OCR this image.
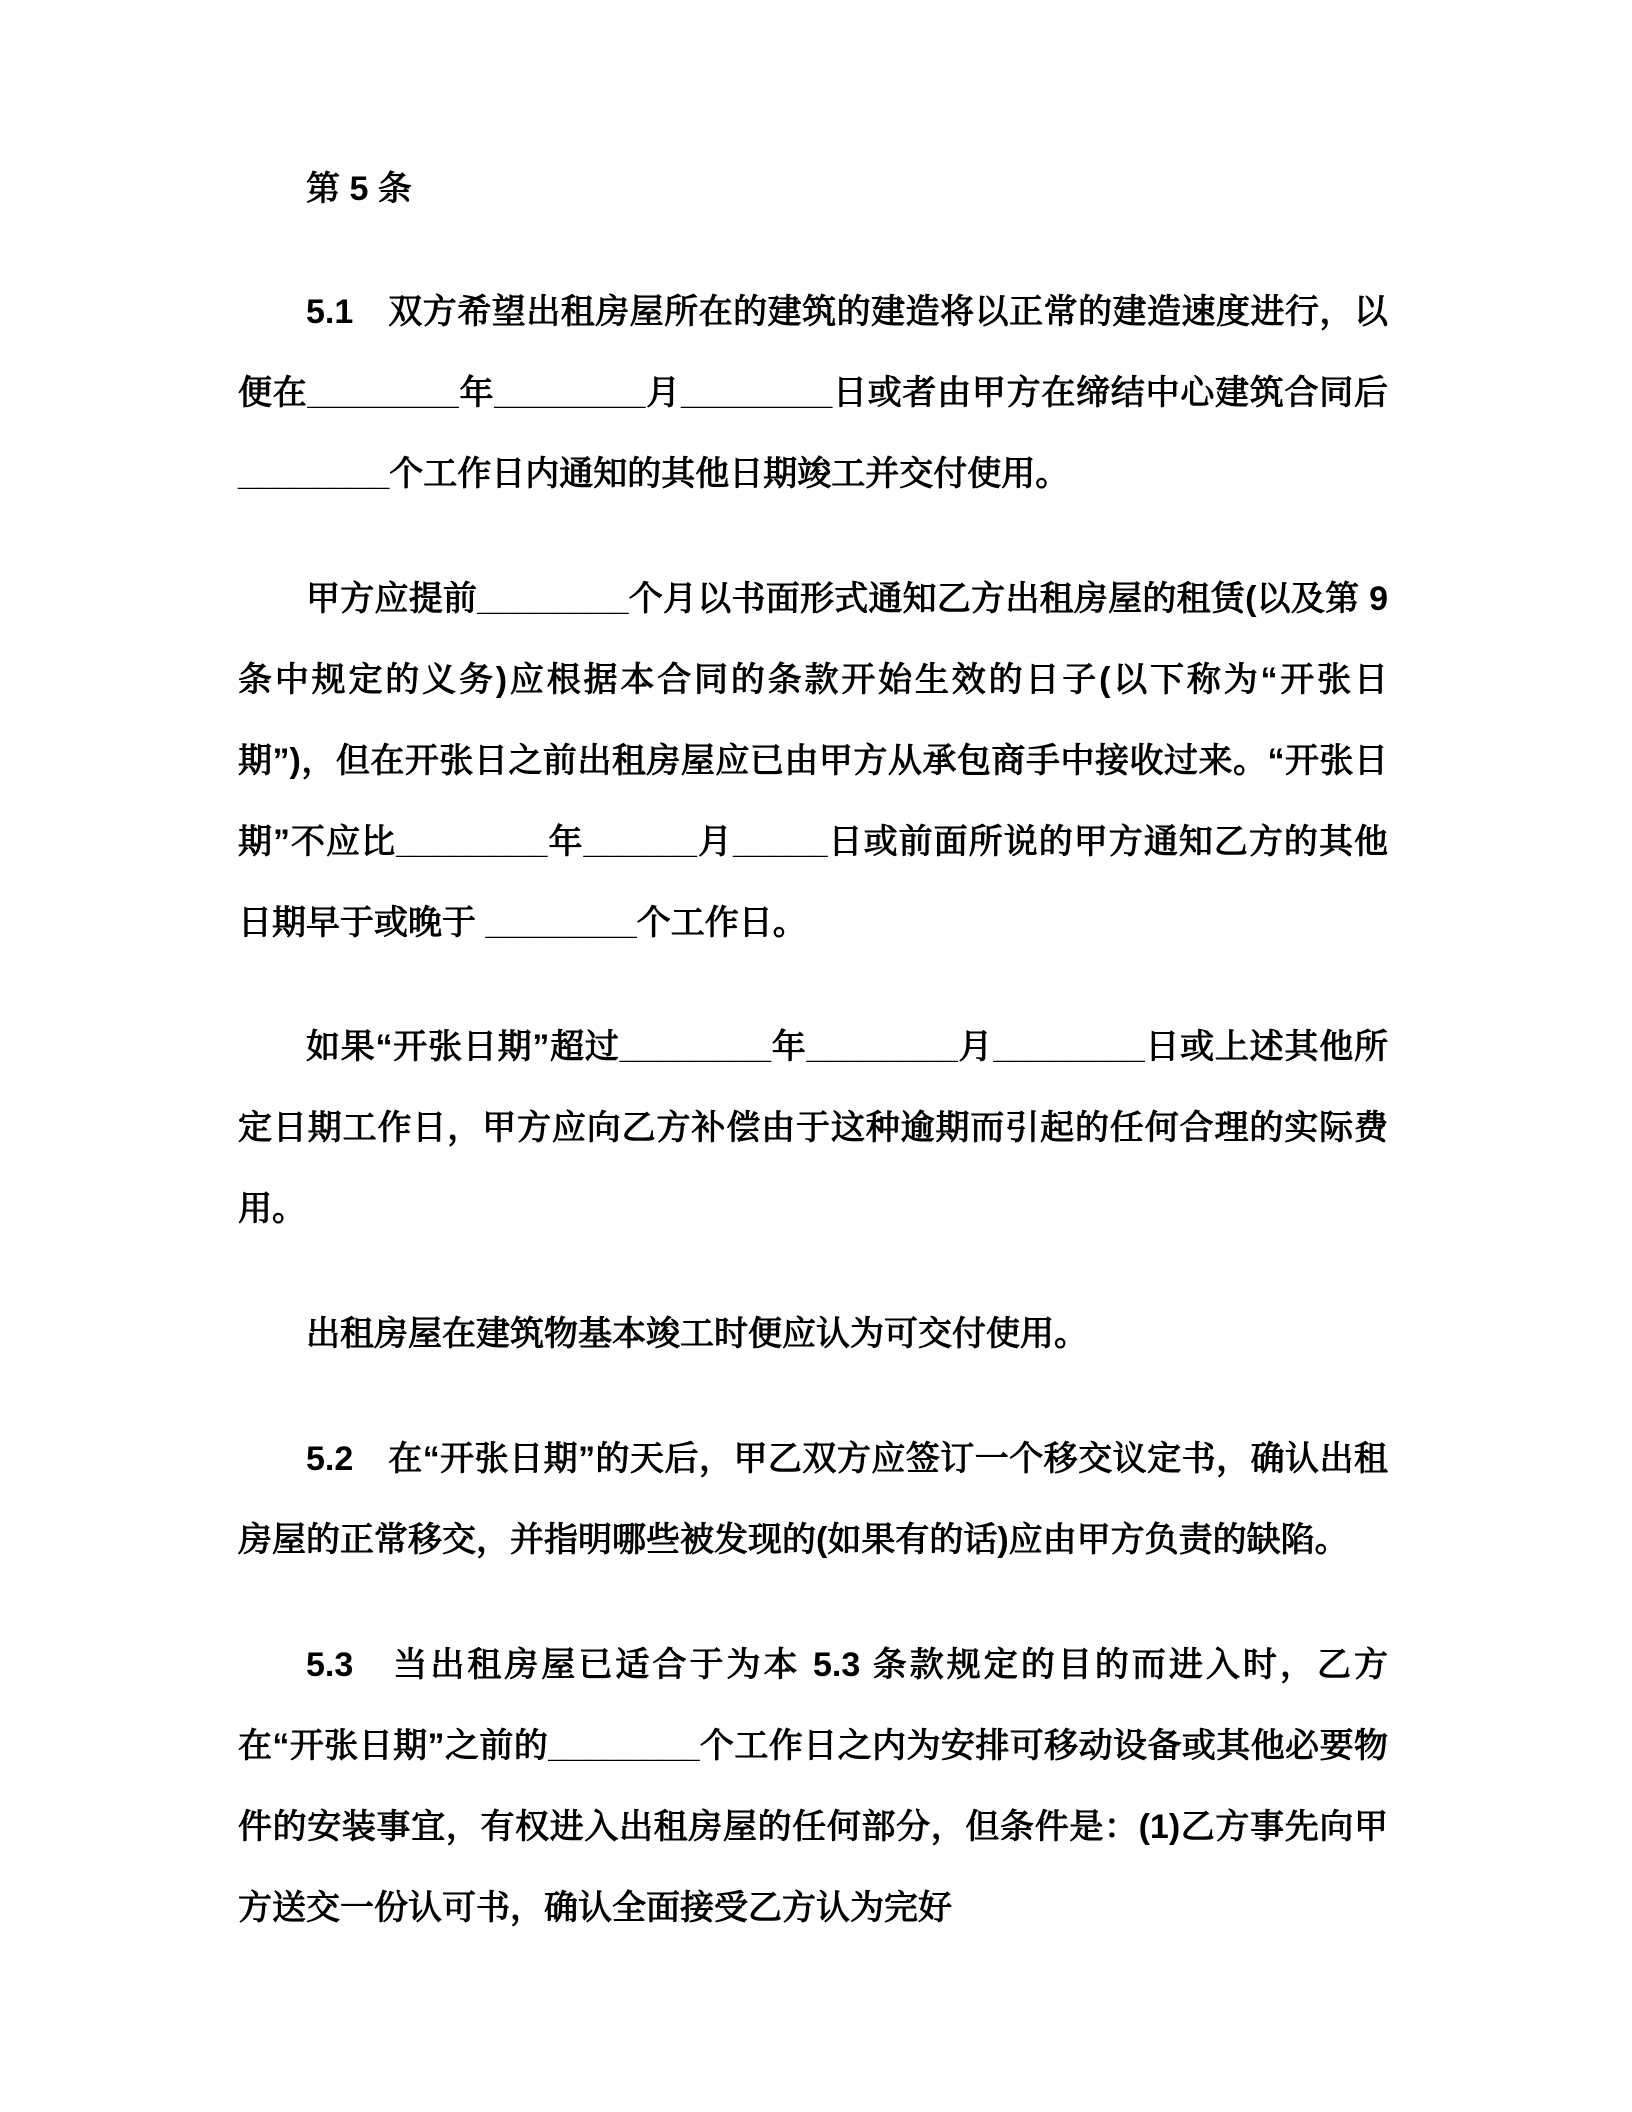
第 5 条

5.1　双方希望出租房屋所在的建筑的建造将以正常的建造速度进行，以便在________年________月________日或者由甲方在缔结中心建筑合同后________个工作日内通知的其他日期竣工并交付使用。

甲方应提前________个月以书面形式通知乙方出租房屋的租赁(以及第 9 条中规定的义务)应根据本合同的条款开始生效的日子(以下称为“开张日期”)，但在开张日之前出租房屋应已由甲方从承包商手中接收过来。“开张日期”不应比________年______月_____日或前面所说的甲方通知乙方的其他日期早于或晚于 ________个工作日。

如果“开张日期”超过________年________月________日或上述其他所定日期工作日，甲方应向乙方补偿由于这种逾期而引起的任何合理的实际费用。

出租房屋在建筑物基本竣工时便应认为可交付使用。

5.2　在“开张日期”的天后，甲乙双方应签订一个移交议定书，确认出租房屋的正常移交，并指明哪些被发现的(如果有的话)应由甲方负责的缺陷。

5.3　当出租房屋已适合于为本 5.3 条款规定的目的而进入时，乙方在“开张日期”之前的________个工作日之内为安排可移动设备或其他必要物件的安装事宜，有权进入出租房屋的任何部分，但条件是：(1)乙方事先向甲方送交一份认可书，确认全面接受乙方认为完好
